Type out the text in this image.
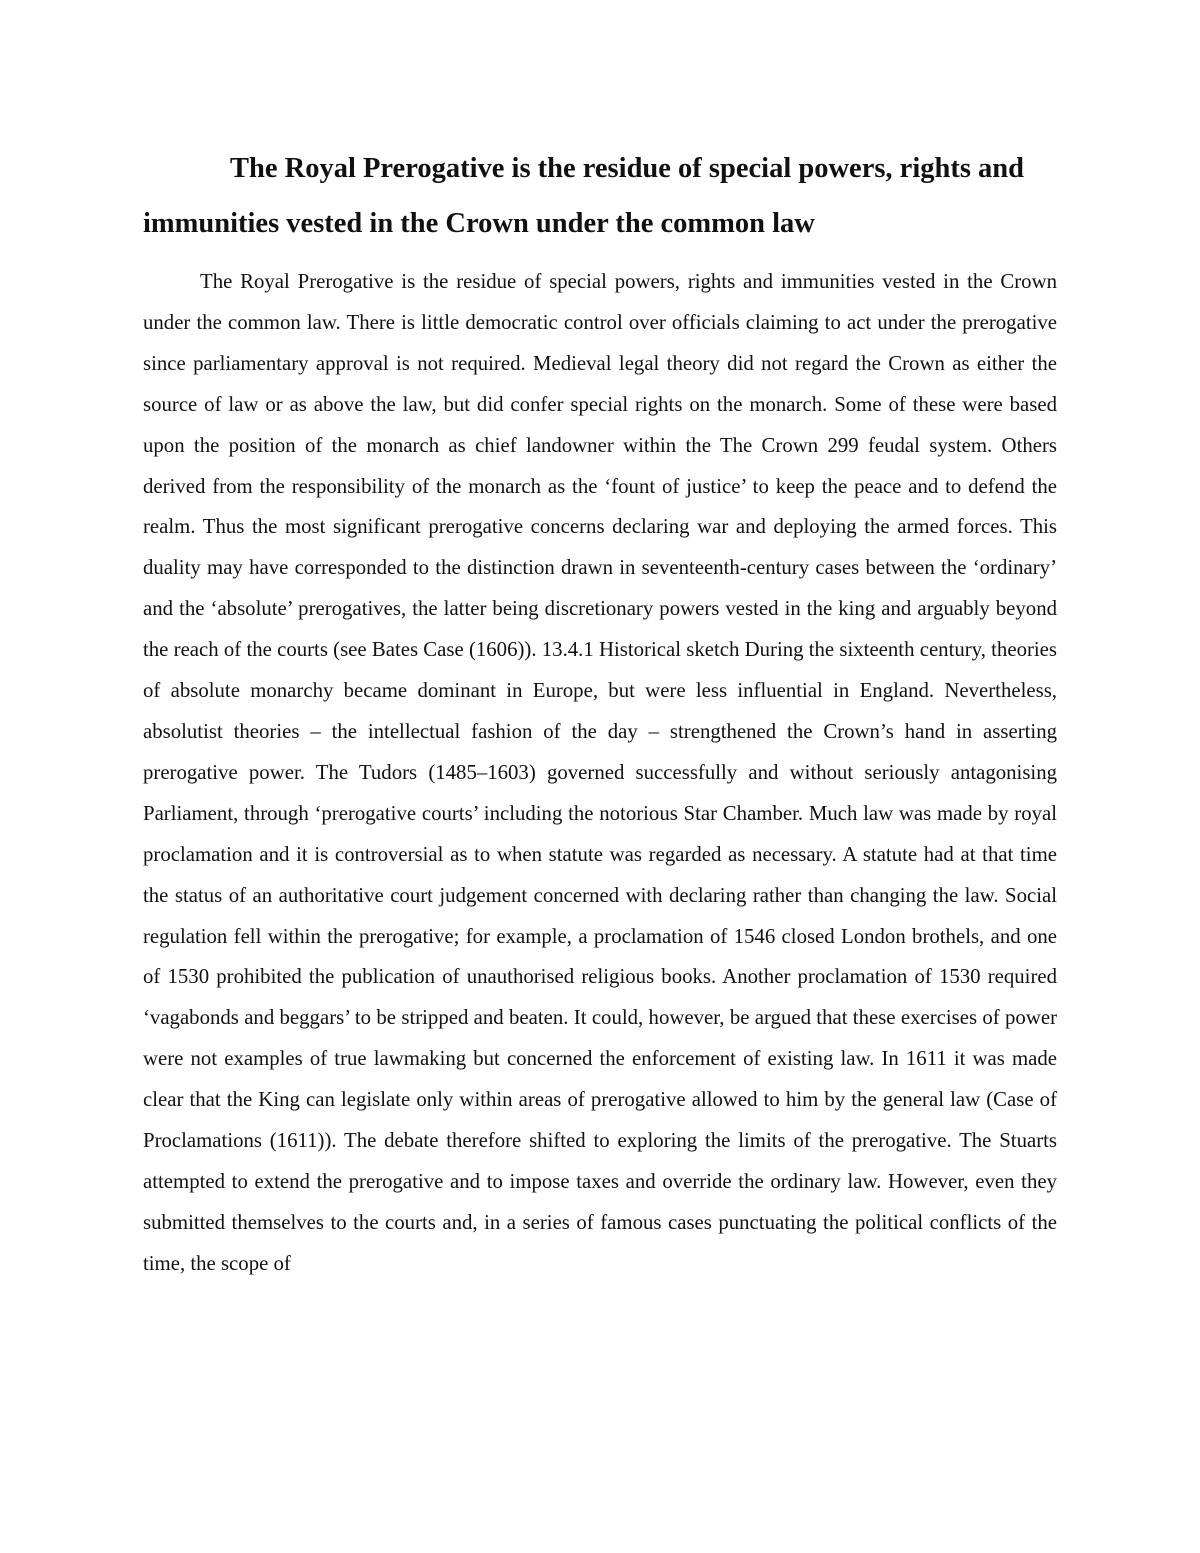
The Royal Prerogative is the residue of special powers, rights and immunities vested in the Crown under the common law

The Royal Prerogative is the residue of special powers, rights and immunities vested in the Crown under the common law. There is little democratic control over officials claiming to act under the prerogative since parliamentary approval is not required. Medieval legal theory did not regard the Crown as either the source of law or as above the law, but did confer special rights on the monarch. Some of these were based upon the position of the monarch as chief landowner within the The Crown 299 feudal system. Others derived from the responsibility of the monarch as the ‘fount of justice’ to keep the peace and to defend the realm. Thus the most significant prerogative concerns declaring war and deploying the armed forces. This duality may have corresponded to the distinction drawn in seventeenth-century cases between the ‘ordinary’ and the ‘absolute’ prerogatives, the latter being discretionary powers vested in the king and arguably beyond the reach of the courts (see Bates Case (1606)). 13.4.1 Historical sketch During the sixteenth century, theories of absolute monarchy became dominant in Europe, but were less influential in England. Nevertheless, absolutist theories – the intellectual fashion of the day – strengthened the Crown’s hand in asserting prerogative power. The Tudors (1485–1603) governed successfully and without seriously antagonising Parliament, through ‘prerogative courts’ including the notorious Star Chamber. Much law was made by royal proclamation and it is controversial as to when statute was regarded as necessary. A statute had at that time the status of an authoritative court judgement concerned with declaring rather than changing the law. Social regulation fell within the prerogative; for example, a proclamation of 1546 closed London brothels, and one of 1530 prohibited the publication of unauthorised religious books. Another proclamation of 1530 required ‘vagabonds and beggars’ to be stripped and beaten. It could, however, be argued that these exercises of power were not examples of true lawmaking but concerned the enforcement of existing law. In 1611 it was made clear that the King can legislate only within areas of prerogative allowed to him by the general law (Case of Proclamations (1611)). The debate therefore shifted to exploring the limits of the prerogative. The Stuarts attempted to extend the prerogative and to impose taxes and override the ordinary law. However, even they submitted themselves to the courts and, in a series of famous cases punctuating the political conflicts of the time, the scope of
